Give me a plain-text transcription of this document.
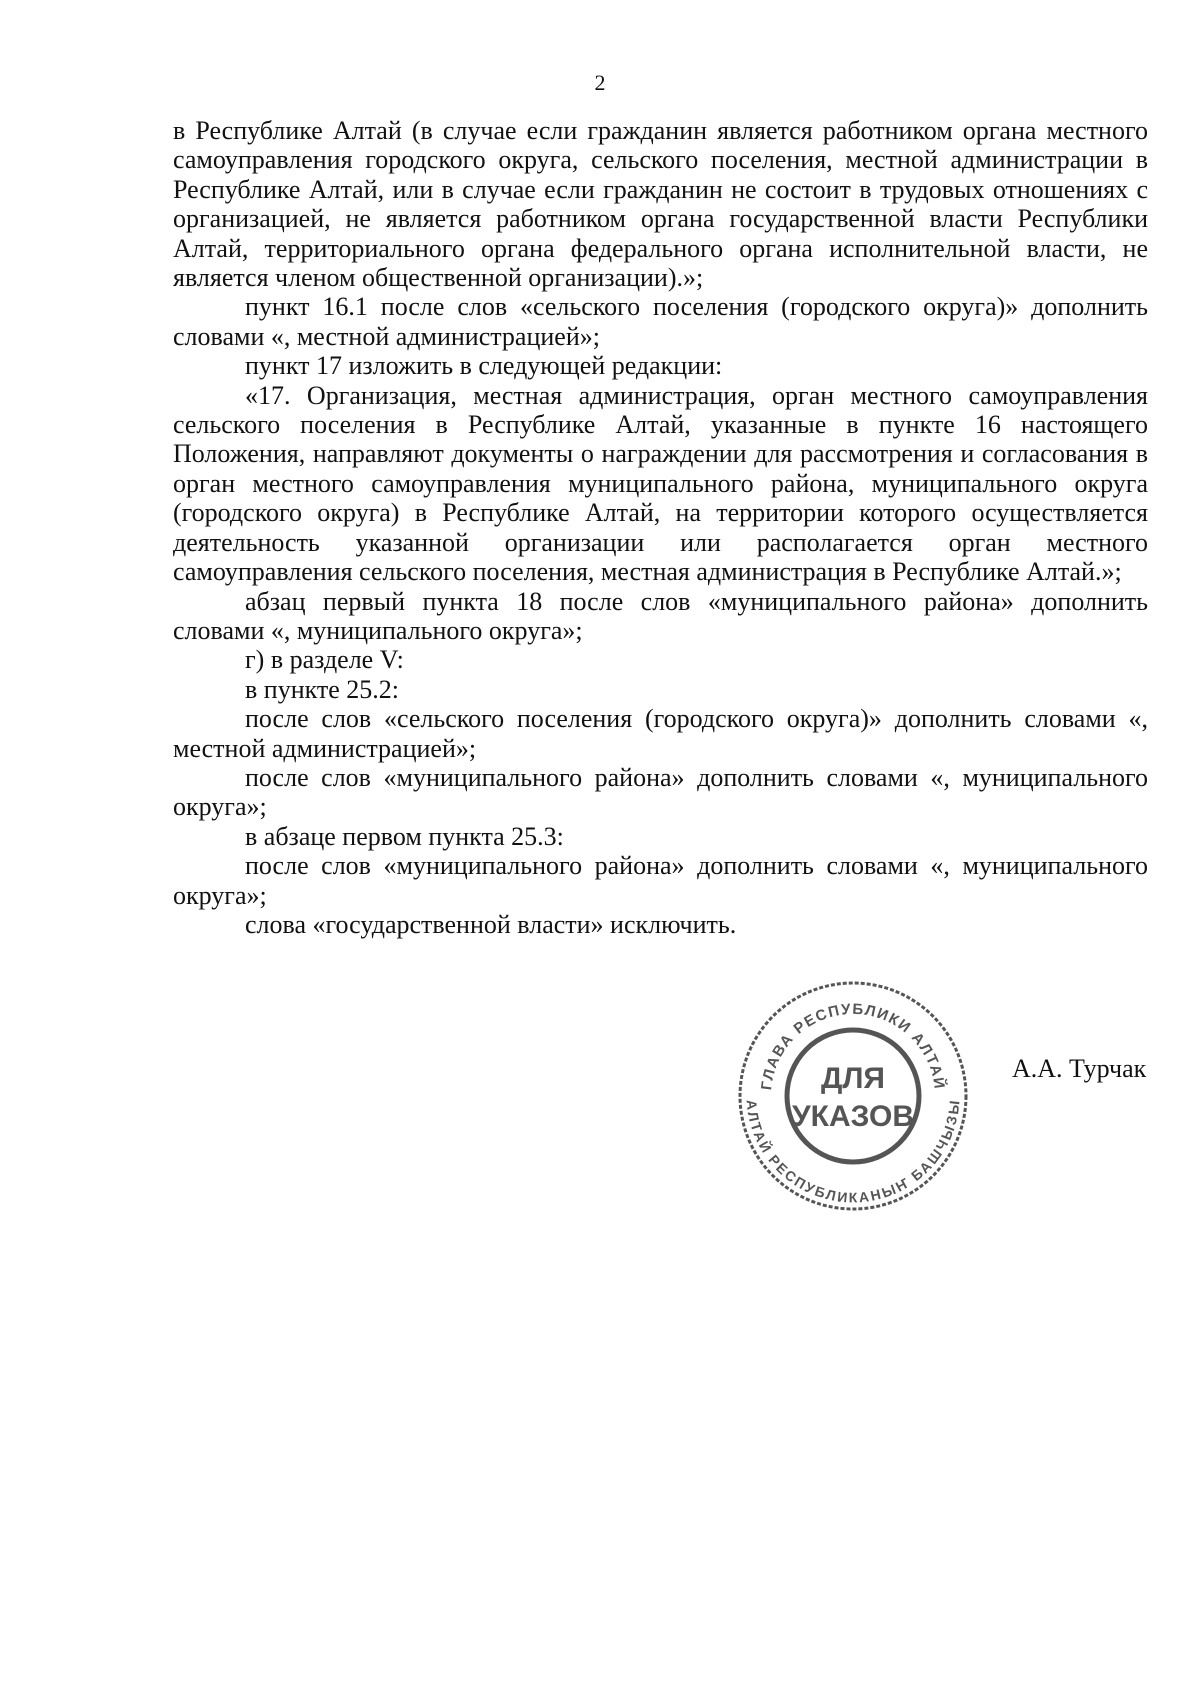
2

в Республике Алтай (в случае если гражданин является работником органа местного самоуправления городского округа, сельского поселения, местной администрации в Республике Алтай, или в случае если гражданин не состоит в трудовых отношениях с организацией, не является работником органа государственной власти Республики Алтай, территориального органа федерального органа исполнительной власти, не является членом общественной организации).»;

пункт 16.1 после слов «сельского поселения (городского округа)» дополнить словами «, местной администрацией»;

пункт 17 изложить в следующей редакции:

«17. Организация, местная администрация, орган местного самоуправления сельского поселения в Республике Алтай, указанные в пункте 16 настоящего Положения, направляют документы о награждении для рассмотрения и согласования в орган местного самоуправления муниципального района, муниципального округа (городского округа) в Республике Алтай, на территории которого осуществляется деятельность указанной организации или располагается орган местного самоуправления сельского поселения, местная администрация в Республике Алтай.»;

абзац первый пункта 18 после слов «муниципального района» дополнить словами «, муниципального округа»;

г) в разделе V:

в пункте 25.2:

после слов «сельского поселения (городского округа)» дополнить словами «, местной администрацией»;

после слов «муниципального района» дополнить словами «, муниципального округа»;

в абзаце первом пункта 25.3:

после слов «муниципального района» дополнить словами «, муниципального округа»;

слова «государственной власти» исключить.

ГЛАВА РЕСПУБЛИКИ АЛТАЙ
АЛТАЙ РЕСПУБЛИКАНЫҤ БАШЧЫЗЫ
ДЛЯ
УКАЗОВ
А.А. Турчак
